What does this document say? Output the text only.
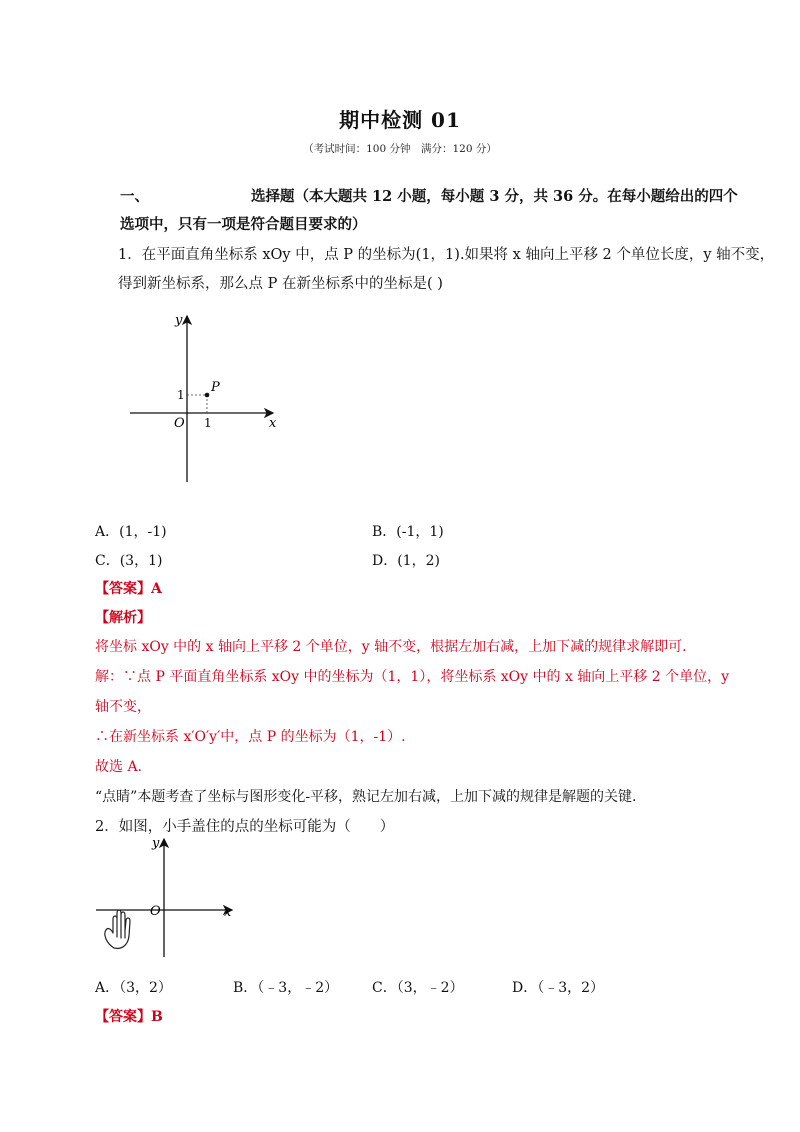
期中检测 01
（考试时间：100 分钟　满分：120 分）
一、	选择题（本大题共 12 小题，每小题 3 分，共 36 分。在每小题给出的四个
选项中，只有一项是符合题目要求的）
1．在平面直角坐标系 xOy 中，点 P 的坐标为(1，1).如果将 x 轴向上平移 2 个单位长度，y 轴不变，
得到新坐标系，那么点 P 在新坐标系中的坐标是( )
y
x
O
1
1
P
A．(1，-1)	B．(-1，1)
C．(3，1)	D．(1，2)
【答案】A
【解析】
将坐标 xOy 中的 x 轴向上平移 2 个单位，y 轴不变，根据左加右减，上加下减的规律求解即可.
解：∵点 P 平面直角坐标系 xOy 中的坐标为（1，1），将坐标系 xOy 中的 x 轴向上平移 2 个单位，y
轴不变，
∴在新坐标系 x′O′y′中，点 P 的坐标为（1，-1）.
故选 A.
“点睛”本题考查了坐标与图形变化-平移，熟记左加右减，上加下减的规律是解题的关键.
2．如图，小手盖住的点的坐标可能为（　　）
y
x
O
A．（3，2）	B．（﹣3，﹣2） C．（3，﹣2）	D．（﹣3，2）
【答案】B
